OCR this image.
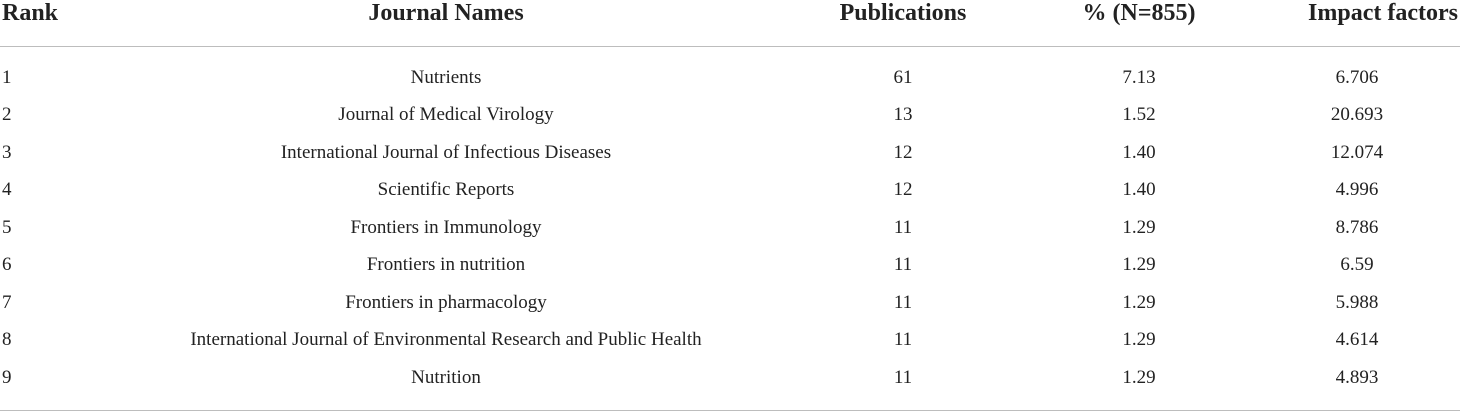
Rank	Journal Names	Publications	% (N=855)	Impact factors
1	Nutrients	61	7.13	6.706
2	Journal of Medical Virology	13	1.52	20.693
3	International Journal of Infectious Diseases	12	1.40	12.074
4	Scientific Reports	12	1.40	4.996
5	Frontiers in Immunology	11	1.29	8.786
6	Frontiers in nutrition	11	1.29	6.59
7	Frontiers in pharmacology	11	1.29	5.988
8	International Journal of Environmental Research and Public Health	11	1.29	4.614
9	Nutrition	11	1.29	4.893
